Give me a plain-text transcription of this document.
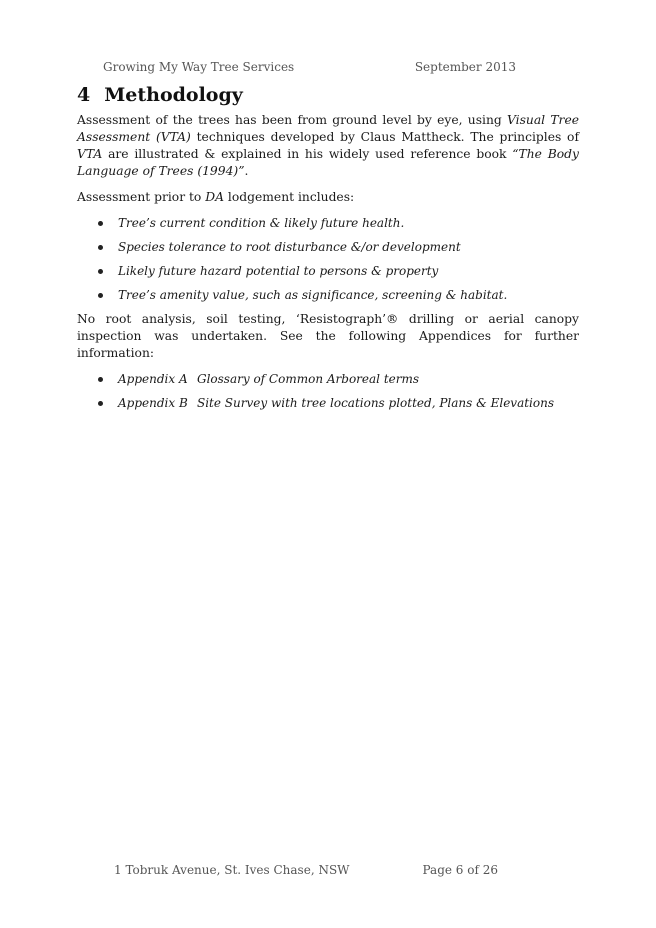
Growing My Way Tree Services	September 2013
4 Methodology

Assessment of the trees has been from ground level by eye, using Visual Tree Assessment (VTA) techniques developed by Claus Mattheck. The principles of VTA are illustrated & explained in his widely used reference book “The Body Language of Trees (1994)”.

Assessment prior to DA lodgement includes:

Tree’s current condition & likely future health.
Species tolerance to root disturbance &/or development
Likely future hazard potential to persons & property
Tree’s amenity value, such as significance, screening & habitat.

No root analysis, soil testing, ‘Resistograph’® drilling or aerial canopy inspection was undertaken. See the following Appendices for further information:

Appendix A Glossary of Common Arboreal terms
Appendix B Site Survey with tree locations plotted, Plans & Elevations
1 Tobruk Avenue, St. Ives Chase, NSW	Page 6 of 26
